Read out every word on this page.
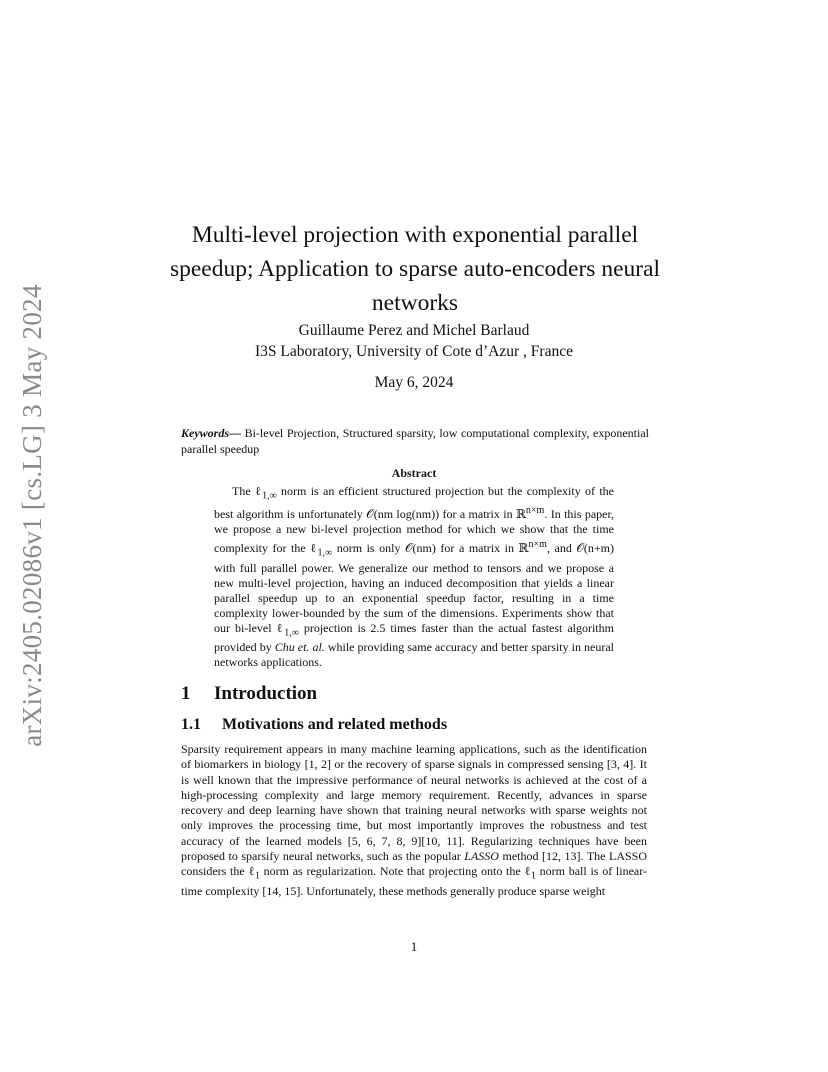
arXiv:2405.02086v1 [cs.LG] 3 May 2024
Multi-level projection with exponential parallel speedup; Application to sparse auto-encoders neural networks
Guillaume Perez and Michel Barlaud
I3S Laboratory, University of Cote d’Azur , France
May 6, 2024
Keywords— Bi-level Projection, Structured sparsity, low computational complexity, exponential parallel speedup
Abstract

The ℓ$_{1,\infty}$ norm is an efficient structured projection but the complexity of the best algorithm is unfortunately 𝒪(nm log(nm)) for a matrix in ℝ$^{n\times m}$. In this paper, we propose a new bi-level projection method for which we show that the time complexity for the ℓ$_{1,\infty}$ norm is only 𝒪(nm) for a matrix in ℝ$^{n\times m}$, and 𝒪(n+m) with full parallel power. We generalize our method to tensors and we propose a new multi-level projection, having an induced decomposition that yields a linear parallel speedup up to an exponential speedup factor, resulting in a time complexity lower-bounded by the sum of the dimensions. Experiments show that our bi-level ℓ$_{1,\infty}$ projection is 2.5 times faster than the actual fastest algorithm provided by Chu et. al. while providing same accuracy and better sparsity in neural networks applications.

1 Introduction
1.1 Motivations and related methods

Sparsity requirement appears in many machine learning applications, such as the identification of biomarkers in biology [1, 2] or the recovery of sparse signals in compressed sensing [3, 4]. It is well known that the impressive performance of neural networks is achieved at the cost of a high-processing complexity and large memory requirement. Recently, advances in sparse recovery and deep learning have shown that training neural networks with sparse weights not only improves the processing time, but most importantly improves the robustness and test accuracy of the learned models [5, 6, 7, 8, 9][10, 11]. Regularizing techniques have been proposed to sparsify neural networks, such as the popular LASSO method [12, 13]. The LASSO considers the ℓ$_1$ norm as regularization. Note that projecting onto the ℓ$_1$ norm ball is of linear-time complexity [14, 15]. Unfortunately, these methods generally produce sparse weight

1
